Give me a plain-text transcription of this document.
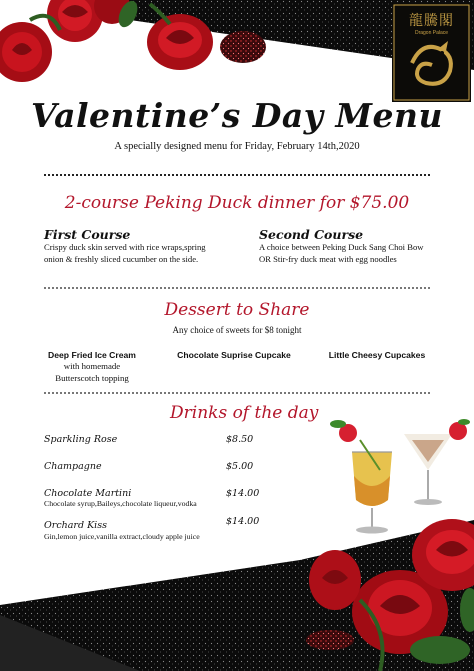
龍騰閣
Dragon Palace
Valentine’s Day Menu
A specially designed menu for Friday, February 14th,2020
2-course Peking Duck dinner for $75.00
First Course
Crispy duck skin served with rice wraps,spring
onion & freshly sliced cucumber on the side.
Second Course
A choice between Peking Duck Sang Choi Bow
OR Stir-fry duck meat with egg noodles
Dessert to Share
Any choice of sweets for $8 tonight
Deep Fried Ice Cream
with homemade
Butterscotch topping
Chocolate Suprise Cupcake	Little Cheesy Cupcakes
Drinks of the day
Sparkling Rose	$8.50
Champagne	$5.00
Chocolate Martini	$14.00
Chocolate syrup,Baileys,chocolate liqueur,vodka
Orchard Kiss	$14.00
Gin,lemon juice,vanilla extract,cloudy apple juice
